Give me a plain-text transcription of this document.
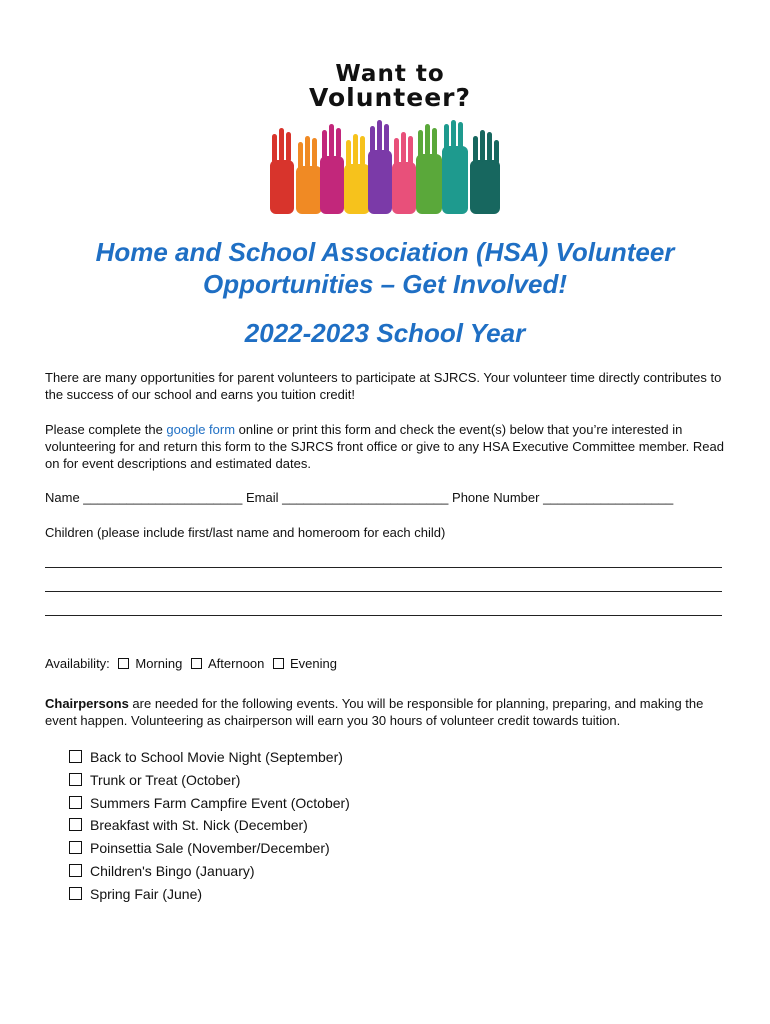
Want to
Volunteer?
Home and School Association (HSA) Volunteer Opportunities – Get Involved!
2022-2023 School Year
There are many opportunities for parent volunteers to participate at SJRCS. Your volunteer time directly contributes to the success of our school and earns you tuition credit!
Please complete the google form online or print this form and check the event(s) below that you’re interested in volunteering for and return this form to the SJRCS front office or give to any HSA Executive Committee member. Read on for event descriptions and estimated dates.
Name ______________________ Email _______________________ Phone Number __________________
Children (please include first/last name and homeroom for each child)
Availability: Morning Afternoon Evening
Chairpersons are needed for the following events. You will be responsible for planning, preparing, and making the event happen. Volunteering as chairperson will earn you 30 hours of volunteer credit towards tuition.
Back to School Movie Night (September)
Trunk or Treat (October)
Summers Farm Campfire Event (October)
Breakfast with St. Nick (December)
Poinsettia Sale (November/December)
Children's Bingo (January)
Spring Fair (June)
